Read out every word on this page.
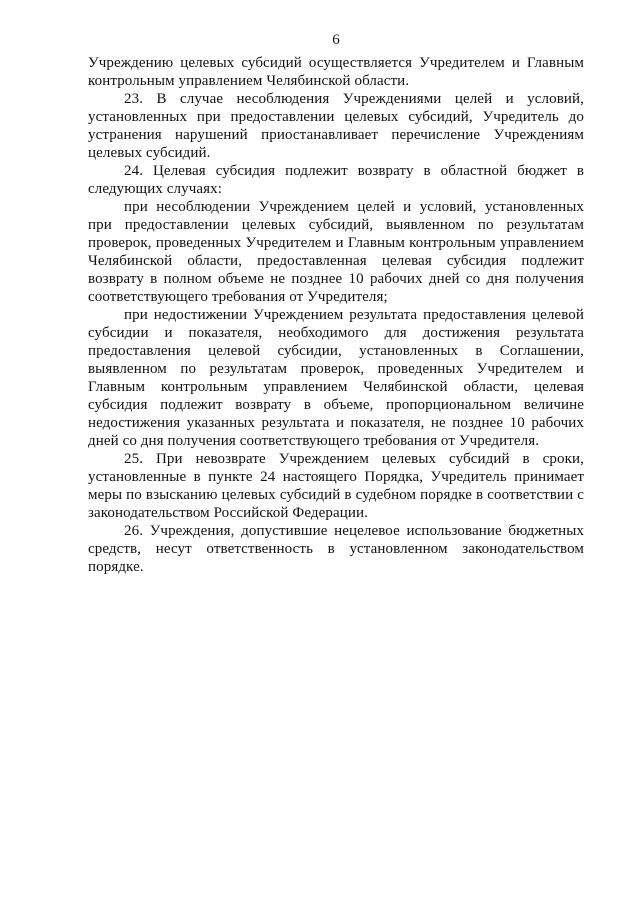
6

Учреждению целевых субсидий осуществляется Учредителем и Главным контрольным управлением Челябинской области.

23. В случае несоблюдения Учреждениями целей и условий, установленных при предоставлении целевых субсидий, Учредитель до устранения нарушений приостанавливает перечисление Учреждениям целевых субсидий.

24. Целевая субсидия подлежит возврату в областной бюджет в следующих случаях:

при несоблюдении Учреждением целей и условий, установленных при предоставлении целевых субсидий, выявленном по результатам проверок, проведенных Учредителем и Главным контрольным управлением Челябинской области, предоставленная целевая субсидия подлежит возврату в полном объеме не позднее 10 рабочих дней со дня получения соответствующего требования от Учредителя;

при недостижении Учреждением результата предоставления целевой субсидии и показателя, необходимого для достижения результата предоставления целевой субсидии, установленных в Соглашении, выявленном по результатам проверок, проведенных Учредителем и Главным контрольным управлением Челябинской области, целевая субсидия подлежит возврату в объеме, пропорциональном величине недостижения указанных результата и показателя, не позднее 10 рабочих дней со дня получения соответствующего требования от Учредителя.

25. При невозврате Учреждением целевых субсидий в сроки, установленные в пункте 24 настоящего Порядка, Учредитель принимает меры по взысканию целевых субсидий в судебном порядке в соответствии с законодательством Российской Федерации.

26. Учреждения, допустившие нецелевое использование бюджетных средств, несут ответственность в установленном законодательством порядке.
